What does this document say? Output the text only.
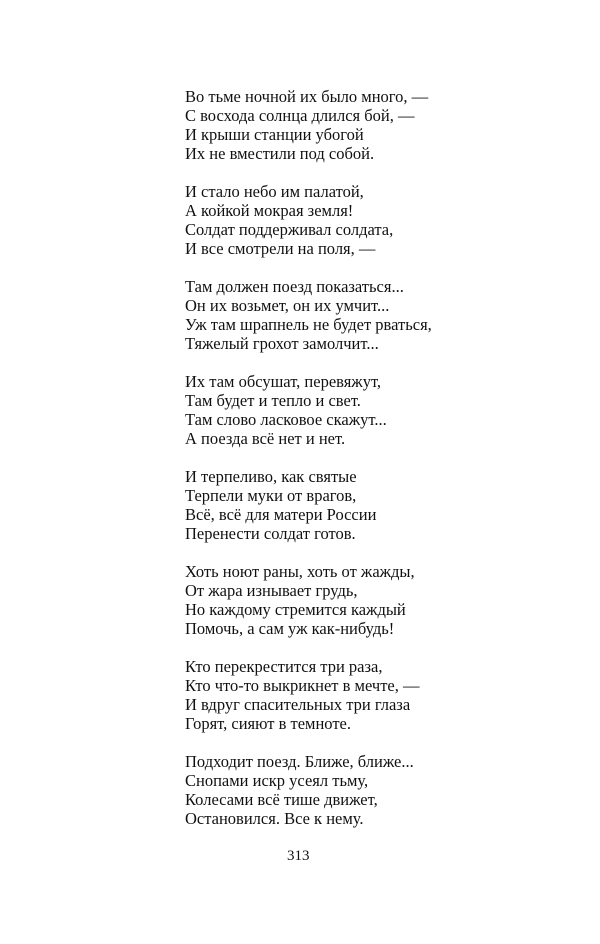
Во тьме ночной их было много, —
С восхода солнца длился бой, —
И крыши станции убогой
Их не вместили под собой.
И стало небо им палатой,
А койкой мокрая земля!
Солдат поддерживал солдата,
И все смотрели на поля, —
Там должен поезд показаться...
Он их возьмет, он их умчит...
Уж там шрапнель не будет рваться,
Тяжелый грохот замолчит...
Их там обсушат, перевяжут,
Там будет и тепло и свет.
Там слово ласковое скажут...
А поезда всё нет и нет.
И терпеливо, как святые
Терпели муки от врагов,
Всё, всё для матери России
Перенести солдат готов.
Хоть ноют раны, хоть от жажды,
От жара изнывает грудь,
Но каждому стремится каждый
Помочь, а сам уж как-нибудь!
Кто перекрестится три раза,
Кто что-то выкрикнет в мечте, —
И вдруг спасительных три глаза
Горят, сияют в темноте.
Подходит поезд. Ближе, ближе...
Снопами искр усеял тьму,
Колесами всё тише движет,
Остановился. Все к нему.
313
